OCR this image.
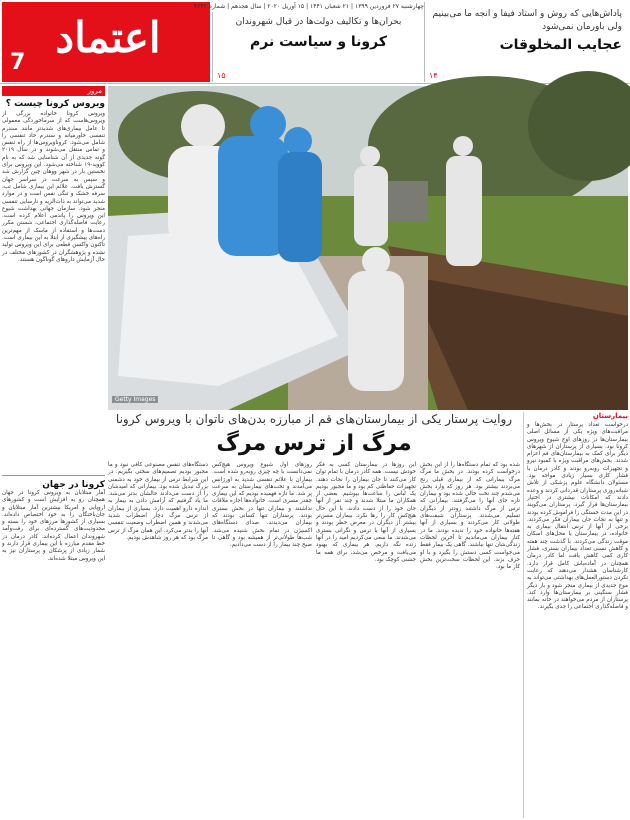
اعتماد
7
چهارشنبه ۲۷ فروردین ۱۳۹۹ | ۲۱ شعبان ۱۴۴۱ | ۱۵ آوریل ۲۰۲۰ | سال هجدهم | شماره ۴۶۴۲
پاداش‌هایی که روش و استاد فیفا و انجه ما می‌بینیم ولی باورمان نمی‌شود
عجایب المخلوقات
۱۴
بحران‌ها و تکالیف دولت‌ها در قبال شهروندان
کرونا و سیاست نرم
۱۵
مرور
ویروس کرونا چیست ؟
ویروس کرونا خانواده بزرگی از ویروس‌هاست که از سرماخوردگی معمولی تا عامل بیماری‌های شدیدتر مانند سندرم تنفسی خاورمیانه و سندرم حاد تنفسی را شامل می‌شود. کروناویروس‌ها از راه تنفس و تماس منتقل می‌شوند و در سال ۲۰۱۹ گونه جدیدی از آن شناسایی شد که به نام کووید-۱۹ شناخته می‌شود. این ویروس برای نخستین بار در شهر ووهان چین گزارش شد و سپس به سرعت در سراسر جهان گسترش یافت. علائم این بیماری شامل تب، سرفه خشک و تنگی نفس است و در موارد شدید می‌تواند به ذات‌الریه و نارسایی تنفسی منجر شود. سازمان جهانی بهداشت شیوع این ویروس را پاندمی اعلام کرده است. رعایت فاصله‌گذاری اجتماعی، شستن مکرر دست‌ها و استفاده از ماسک از مهم‌ترین راه‌های پیشگیری از ابتلا به این بیماری است. تاکنون واکسن قطعی برای این ویروس تولید نشده و پژوهشگران در کشورهای مختلف در حال آزمایش داروهای گوناگون هستند.
کرونا در جهان
آمار مبتلایان به ویروس کرونا در جهان همچنان رو به افزایش است و کشورهای اروپایی و امریکا بیشترین آمار مبتلایان و جان‌باختگان را به خود اختصاص داده‌اند. بسیاری از کشورها مرزهای خود را بسته و محدودیت‌های گسترده‌ای برای رفت‌وآمد شهروندان اعمال کرده‌اند. کادر درمان در خط مقدم مبارزه با این بیماری قرار دارند و شمار زیادی از پزشکان و پرستاران نیز به این ویروس مبتلا شده‌اند.
Getty Images
روایت پرستار یکی از بیمارستان‌های قم از مبارزه بدن‌های ناتوان با ویروس کرونا
مرگ از ترس مرگ
شده بود که تمام دستگاه‌ها را از این بخش درخواست کرده بودند. در بخش ما مرگ مرگ بیمارانی که از بیماری قبلی رنج می‌بردند بیشتر بود. هر روز که وارد بخش می‌شدم چند تخت خالی شده بود و بیماران تازه جای آنها را می‌گرفتند. بیمارانی که ترس از مرگ داشتند زودتر از دیگران تسلیم می‌شدند. پرستاران شیفت‌های طولانی کار می‌کردند و بسیاری از آنها هفته‌ها خانواده خود را ندیده بودند. ما در کنار بیماران می‌ماندیم تا آخرین لحظات زندگی‌شان تنها نباشند. گاهی یک بیمار فقط می‌خواست کسی دستش را بگیرد و با او حرف بزند. این لحظات سخت‌ترین بخش کار ما بود.
این روزها در بیمارستان کسی به فکر خودش نیست. همه کادر درمان با تمام توان کار می‌کنند تا جان بیماران را نجات دهند. تجهیزات حفاظتی کم بود و ما مجبور بودیم یک لباس را ساعت‌ها بپوشیم. بعضی از همکاران ما مبتلا شدند و چند نفر از آنها جان خود را از دست دادند. با این حال هیچ‌کس کار را رها نکرد. بیماران مسن‌تر بیشتر از دیگران در معرض خطر بودند و بسیاری از آنها با ترس و نگرانی بستری می‌شدند. ما سعی می‌کردیم امید را در آنها زنده نگه داریم. هر بیماری که بهبود می‌یافت و مرخص می‌شد، برای همه ما جشنی کوچک بود.
روزهای اول شیوع ویروس هیچ‌کس نمی‌دانست با چه چیزی روبه‌رو شده است. بیماران با علائم تنفسی شدید به اورژانس می‌آمدند و تخت‌های بیمارستان به سرعت پر شد. ما تازه فهمیده بودیم که این بیماری چقدر مسری است. خانواده‌ها اجازه ملاقات نداشتند و بیماران تنها در بخش بستری بودند. پرستاران تنها کسانی بودند که بیماران می‌دیدند. صدای دستگاه‌های اکسیژن در تمام بخش شنیده می‌شد. شب‌ها طولانی‌تر از همیشه بود و گاهی تا صبح چند بیمار را از دست می‌دادیم.
دستگاه‌های تنفس مصنوعی کافی نبود و ما مجبور بودیم تصمیم‌های سختی بگیریم. در این شرایط ترس از بیماری خود به دشمنی بزرگ تبدیل شده بود. بیمارانی که امیدشان را از دست می‌دادند حالشان بدتر می‌شد. ما یاد گرفتیم که آرامش دادن به بیمار به اندازه دارو اهمیت دارد. بسیاری از بیماران از ترس مرگ دچار اضطراب شدید می‌شدند و همین اضطراب وضعیت تنفسی آنها را بدتر می‌کرد. این همان مرگ از ترس مرگ بود که هر روز شاهدش بودیم.
بیمارستان
درخواست تعداد پرستار در بخش‌ها و مراقبت‌های ویژه یکی از مسائل اصلی بیمارستان‌ها در روزهای اوج شیوع ویروس کرونا بود. بسیاری از پرستاران از شهرهای دیگر برای کمک به بیمارستان‌های قم اعزام شدند. بخش‌های مراقبت ویژه با کمبود نیرو و تجهیزات روبه‌رو بودند و کادر درمان با فشار کاری بسیار زیادی مواجه بود. مسئولان دانشگاه علوم پزشکی از تلاش شبانه‌روزی پرستاران قدردانی کردند و وعده دادند که امکانات بیشتری در اختیار بیمارستان‌ها قرار گیرد. پرستاران می‌گویند در این مدت خستگی را فراموش کرده بودند و تنها به نجات جان بیماران فکر می‌کردند. برخی از آنها از ترس انتقال بیماری به خانواده، در بیمارستان یا محل‌های اسکان موقت زندگی می‌کردند. با گذشت چند هفته و کاهش نسبی تعداد بیماران بستری، فشار کاری کمی کاهش یافت اما کادر درمان همچنان در آماده‌باش کامل قرار دارد. کارشناسان هشدار می‌دهند که رعایت نکردن دستورالعمل‌های بهداشتی می‌تواند به موج جدیدی از بیماری منجر شود و بار دیگر فشار سنگینی بر بیمارستان‌ها وارد کند. پرستاران از مردم می‌خواهند در خانه بمانند و فاصله‌گذاری اجتماعی را جدی بگیرند.
